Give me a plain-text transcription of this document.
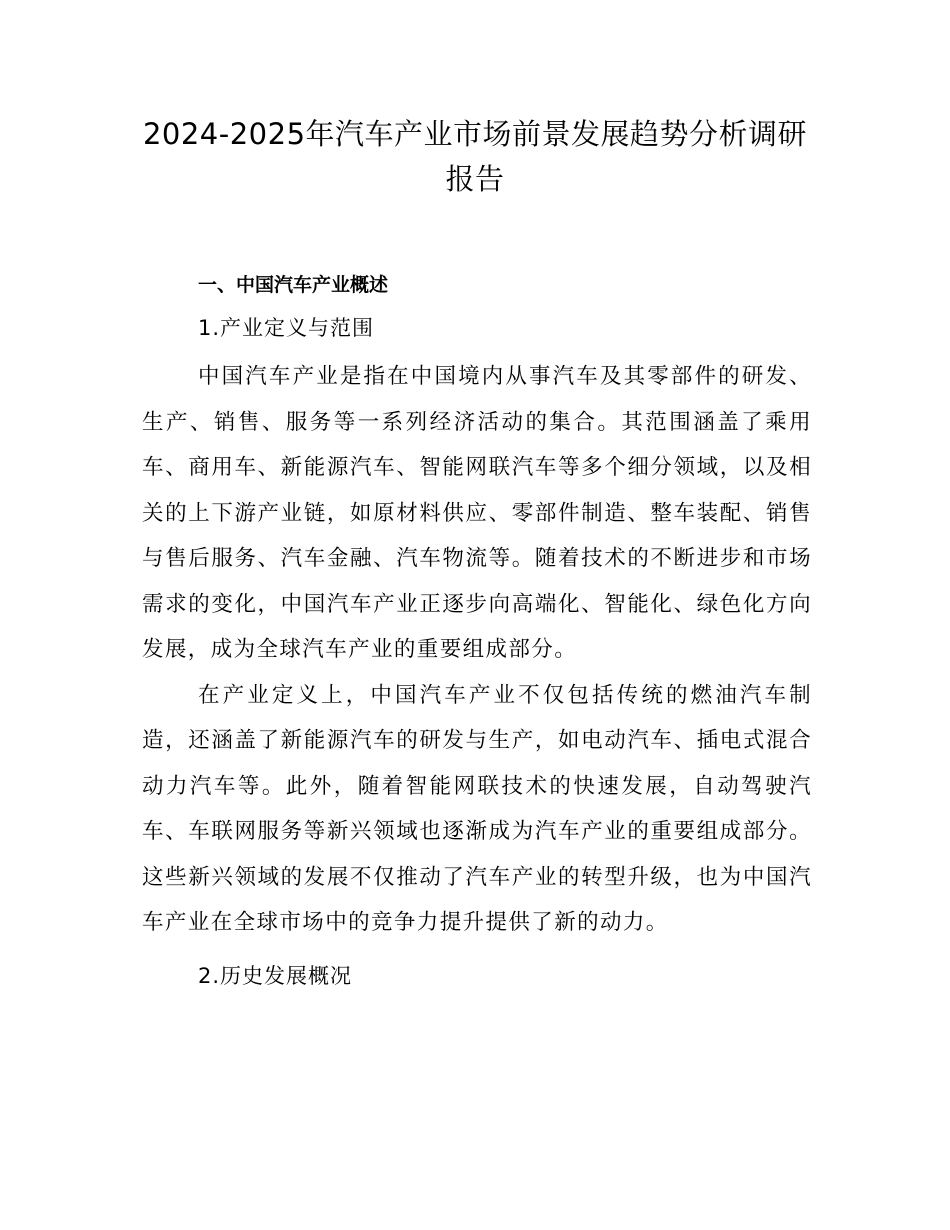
2024-2025年汽车产业市场前景发展趋势分析调研报告
一、中国汽车产业概述
1.产业定义与范围

中国汽车产业是指在中国境内从事汽车及其零部件的研发、生产、销售、服务等一系列经济活动的集合。其范围涵盖了乘用车、商用车、新能源汽车、智能网联汽车等多个细分领域，以及相关的上下游产业链，如原材料供应、零部件制造、整车装配、销售与售后服务、汽车金融、汽车物流等。随着技术的不断进步和市场需求的变化，中国汽车产业正逐步向高端化、智能化、绿色化方向发展，成为全球汽车产业的重要组成部分。

在产业定义上，中国汽车产业不仅包括传统的燃油汽车制造，还涵盖了新能源汽车的研发与生产，如电动汽车、插电式混合动力汽车等。此外，随着智能网联技术的快速发展，自动驾驶汽车、车联网服务等新兴领域也逐渐成为汽车产业的重要组成部分。这些新兴领域的发展不仅推动了汽车产业的转型升级，也为中国汽车产业在全球市场中的竞争力提升提供了新的动力。

2.历史发展概况
